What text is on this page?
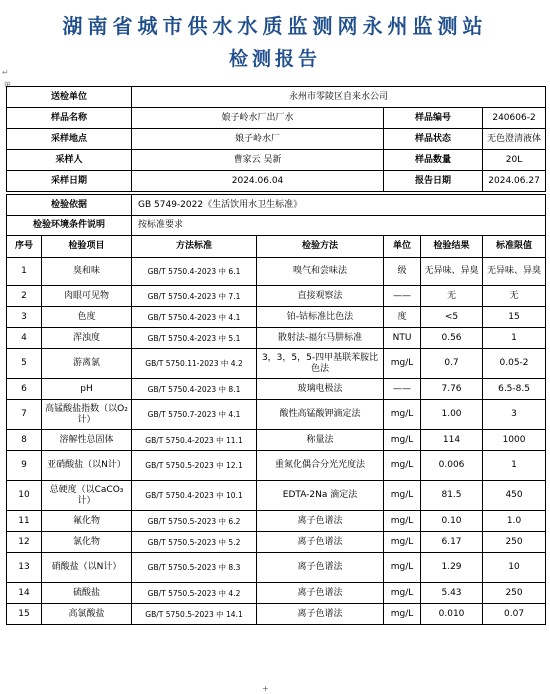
湖南省城市供水水质监测网永州监测站
检测报告
↵
⊞
送检单位		永州市零陵区自来水公司				
样品名称		娘子岭水厂出厂水		样品编号		240606-2
采样地点		娘子岭水厂		样品状态		无色澄清液体
采样人		曹家云 吴新		样品数量		20L
采样日期		2024.06.04		报告日期		2024.06.27

检验依据		GB 5749-2022《生活饮用水卫生标准》				
检验环境条件说明		按标准要求				
序号	检验项目	方法标准	检验方法	单位	检验结果	标准限值
1	臭和味	GB/T 5750.4-2023 中 6.1	嗅气和尝味法	级	无异味、异臭	无异味、异臭
2	肉眼可见物	GB/T 5750.4-2023 中 7.1	直接观察法	——	无	无
3	色度	GB/T 5750.4-2023 中 4.1	铂-钴标准比色法	度	<5	15
4	浑浊度	GB/T 5750.4-2023 中 5.1	散射法-福尔马肼标准	NTU	0.56	1
5	游离氯	GB/T 5750.11-2023 中 4.2	3，3，5，5-四甲基联苯胺比色法	mg/L	0.7	0.05-2
6	pH	GB/T 5750.4-2023 中 8.1	玻璃电极法	——	7.76	6.5-8.5
7	高锰酸盐指数（以O₂计）	GB/T 5750.7-2023 中 4.1	酸性高锰酸钾滴定法	mg/L	1.00	3
8	溶解性总固体	GB/T 5750.4-2023 中 11.1	称量法	mg/L	114	1000
9	亚硝酸盐（以N计）	GB/T 5750.5-2023 中 12.1	重氮化偶合分光光度法	mg/L	0.006	1
10	总硬度（以CaCO₃计）	GB/T 5750.4-2023 中 10.1	EDTA-2Na 滴定法	mg/L	81.5	450
11	氟化物	GB/T 5750.5-2023 中 6.2	离子色谱法	mg/L	0.10	1.0
12	氯化物	GB/T 5750.5-2023 中 5.2	离子色谱法	mg/L	6.17	250
13	硝酸盐（以N计）	GB/T 5750.5-2023 中 8.3	离子色谱法	mg/L	1.29	10
14	硫酸盐	GB/T 5750.5-2023 中 4.2	离子色谱法	mg/L	5.43	250
15	高氯酸盐	GB/T 5750.5-2023 中 14.1	离子色谱法	mg/L	0.010	0.07
+
